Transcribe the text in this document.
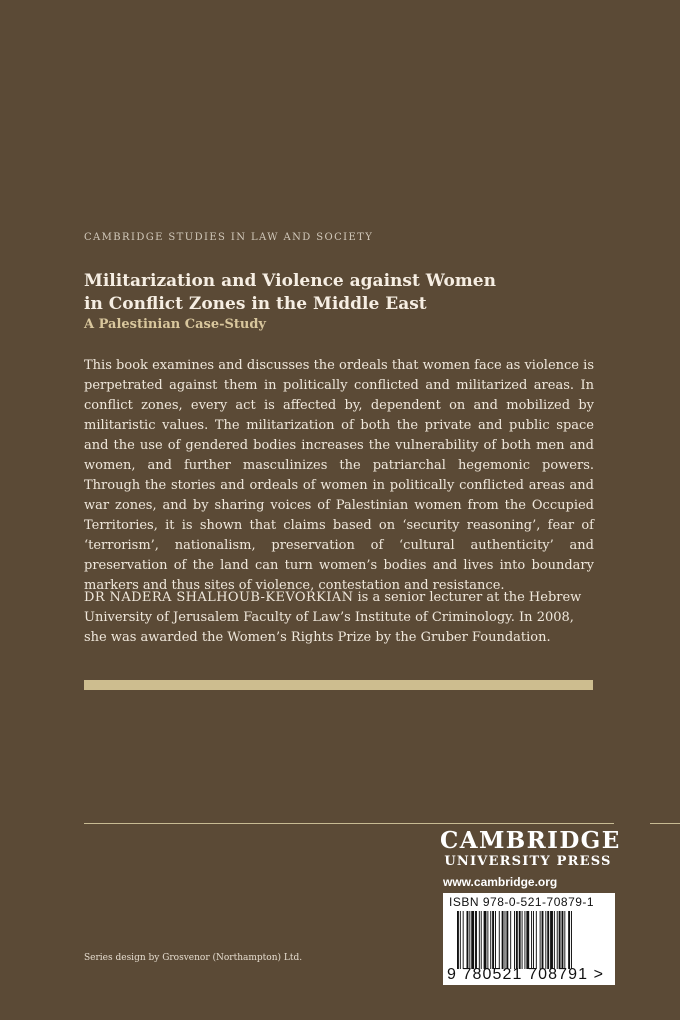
CAMBRIDGE STUDIES IN LAW AND SOCIETY
Militarization and Violence against Women
in Conflict Zones in the Middle East
A Palestinian Case-Study

This book examines and discusses the ordeals that women face as violence is perpetrated against them in politically conflicted and militarized areas. In conflict zones, every act is affected by, dependent on and mobilized by militaristic values. The militarization of both the private and public space and the use of gendered bodies increases the vulnerability of both men and women, and further masculinizes the patriarchal hegemonic powers. Through the stories and ordeals of women in politically conflicted areas and war zones, and by sharing voices of Palestinian women from the Occupied Territories, it is shown that claims based on ‘security reasoning’, fear of ‘terrorism’, nationalism, preservation of ‘cultural authenticity’ and preservation of the land can turn women’s bodies and lives into boundary markers and thus sites of violence, contestation and resistance.

DR NADERA SHALHOUB-KEVORKIAN is a senior lecturer at the Hebrew University of Jerusalem Faculty of Law’s Institute of Criminology. In 2008, she was awarded the Women’s Rights Prize by the Gruber Foundation.

CAMBRIDGE
UNIVERSITY PRESS
www.cambridge.org
ISBN 978-0-521-70879-1
9 780521 708791 >
Series design by Grosvenor (Northampton) Ltd.
